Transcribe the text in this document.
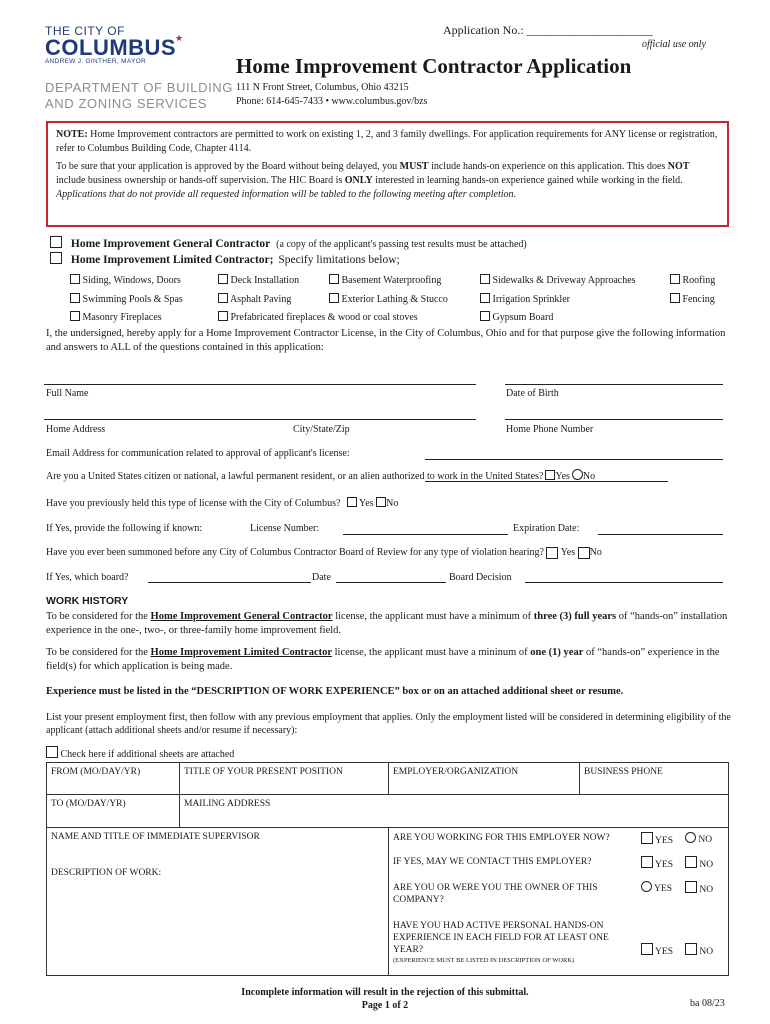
THE CITY OF
COLUMBUS
ANDREW J. GINTHER, MAYOR
★
DEPARTMENT OF BUILDING
AND ZONING SERVICES
Application No.: _____________________
official use only
Home Improvement Contractor Application
111 N Front Street, Columbus, Ohio 43215
Phone: 614-645-7433 • www.columbus.gov/bzs
NOTE: Home Improvement contractors are permitted to work on existing 1, 2, and 3 family dwellings. For application requirements for ANY license or registration, refer to Columbus Building Code, Chapter 4114.
To be sure that your application is approved by the Board without being delayed, you MUST include hands-on experience on this application. This does NOT include business ownership or hands-off supervision. The HIC Board is ONLY interested in learning hands-on experience gained while working in the field. Applications that do not provide all requested information will be tabled to the following meeting after completion.
Home Improvement General Contractor (a copy of the applicant's passing test results must be attached)
Home Improvement Limited Contractor; Specify limitations below;
Siding, Windows, Doors	Deck Installation	Basement Waterproofing	Sidewalks & Driveway Approaches	Roofing
Swimming Pools & Spas	Asphalt Paving	Exterior Lathing & Stucco	Irrigation Sprinkler	Fencing
Masonry Fireplaces	Prefabricated fireplaces & wood or coal stoves	Gypsum Board
I, the undersigned, hereby apply for a Home Improvement Contractor License, in the City of Columbus, Ohio and for that purpose give the following information and answers to ALL of the questions contained in this application:
Full Name	Date of Birth
Home Address	City/State/Zip	Home Phone Number
Email Address for communication related to approval of applicant's license:
Are you a United States citizen or national, a lawful permanent resident, or an alien authorized to work in the United States? Yes No
Have you previously held this type of license with the City of Columbus? Yes No
If Yes, provide the following if known:	License Number:	Expiration Date:
Have you ever been summoned before any City of Columbus Contractor Board of Review for any type of violation hearing? Yes No
If Yes, which board?	Date	Board Decision
WORK HISTORY
To be considered for the Home Improvement General Contractor license, the applicant must have a minimum of three (3) full years of “hands-on” installation experience in the one-, two-, or three-family home improvement field.
To be considered for the Home Improvement Limited Contractor license, the applicant must have a mininum of one (1) year of “hands-on” experience in the field(s) for which application is being made.
Experience must be listed in the “DESCRIPTION OF WORK EXPERIENCE” box or on an attached additional sheet or resume.
List your present employment first, then follow with any previous employment that applies. Only the employment listed will be considered in determining eligibility of the applicant (attach additional sheets and/or resume if necessary):
Check here if additional sheets are attached
FROM (MO/DAY/YR)	TITLE OF YOUR PRESENT POSITION	EMPLOYER/ORGANIZATION	BUSINESS PHONE
TO (MO/DAY/YR)	MAILING ADDRESS
NAME AND TITLE OF IMMEDIATE SUPERVISOR
DESCRIPTION OF WORK:
ARE YOU WORKING FOR THIS EMPLOYER NOW?	YES	NO
IF YES, MAY WE CONTACT THIS EMPLOYER?	YES	NO
ARE YOU OR WERE YOU THE OWNER OF THIS COMPANY?
YES	NO
HAVE YOU HAD ACTIVE PERSONAL HANDS-ON EXPERIENCE IN EACH FIELD FOR AT LEAST ONE YEAR?
(EXPERIENCE MUST BE LISTED IN DESCRIPTION OF WORK)
YES	NO
Incomplete information will result in the rejection of this submittal.
Page 1 of 2	ba 08/23
